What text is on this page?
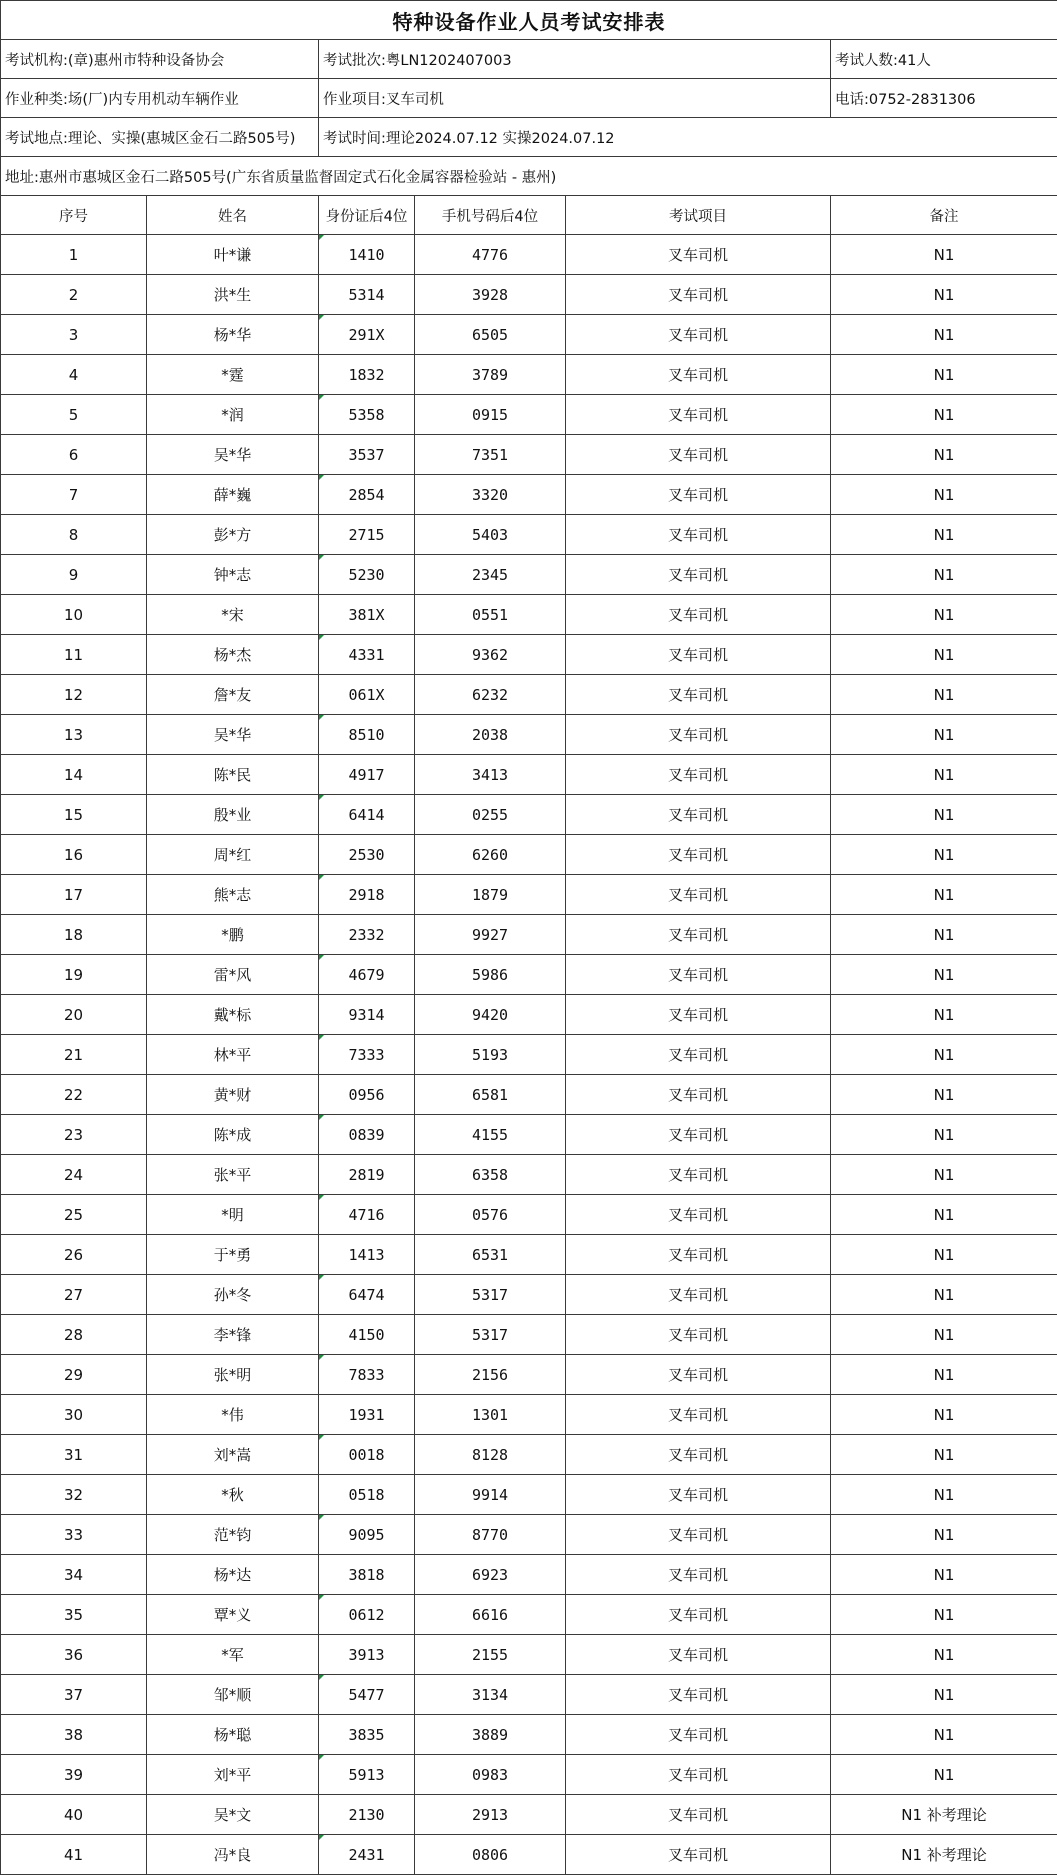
特种设备作业人员考试安排表					
考试机构:(章)惠州市特种设备协会		考试批次:粤LN1202407003			考试人数:41人
作业种类:场(厂)内专用机动车辆作业		作业项目:叉车司机			电话:0752-2831306
考试地点:理论、实操(惠城区金石二路505号)		考试时间:理论2024.07.12 实操2024.07.12			
地址:惠州市惠城区金石二路505号(广东省质量监督固定式石化金属容器检验站 - 惠州)					
序号	姓名	身份证后4位	手机号码后4位	考试项目	备注
1	叶*谦	1410	4776	叉车司机	N1
2	洪*生	5314	3928	叉车司机	N1
3	杨*华	291X	6505	叉车司机	N1
4	*霆	1832	3789	叉车司机	N1
5	*润	5358	0915	叉车司机	N1
6	吴*华	3537	7351	叉车司机	N1
7	薛*巍	2854	3320	叉车司机	N1
8	彭*方	2715	5403	叉车司机	N1
9	钟*志	5230	2345	叉车司机	N1
10	*宋	381X	0551	叉车司机	N1
11	杨*杰	4331	9362	叉车司机	N1
12	詹*友	061X	6232	叉车司机	N1
13	吴*华	8510	2038	叉车司机	N1
14	陈*民	4917	3413	叉车司机	N1
15	殷*业	6414	0255	叉车司机	N1
16	周*红	2530	6260	叉车司机	N1
17	熊*志	2918	1879	叉车司机	N1
18	*鹏	2332	9927	叉车司机	N1
19	雷*风	4679	5986	叉车司机	N1
20	戴*标	9314	9420	叉车司机	N1
21	林*平	7333	5193	叉车司机	N1
22	黄*财	0956	6581	叉车司机	N1
23	陈*成	0839	4155	叉车司机	N1
24	张*平	2819	6358	叉车司机	N1
25	*明	4716	0576	叉车司机	N1
26	于*勇	1413	6531	叉车司机	N1
27	孙*冬	6474	5317	叉车司机	N1
28	李*锋	4150	5317	叉车司机	N1
29	张*明	7833	2156	叉车司机	N1
30	*伟	1931	1301	叉车司机	N1
31	刘*嵩	0018	8128	叉车司机	N1
32	*秋	0518	9914	叉车司机	N1
33	范*钧	9095	8770	叉车司机	N1
34	杨*达	3818	6923	叉车司机	N1
35	覃*义	0612	6616	叉车司机	N1
36	*军	3913	2155	叉车司机	N1
37	邹*顺	5477	3134	叉车司机	N1
38	杨*聪	3835	3889	叉车司机	N1
39	刘*平	5913	0983	叉车司机	N1
40	吴*文	2130	2913	叉车司机	N1 补考理论
41	冯*良	2431	0806	叉车司机	N1 补考理论
